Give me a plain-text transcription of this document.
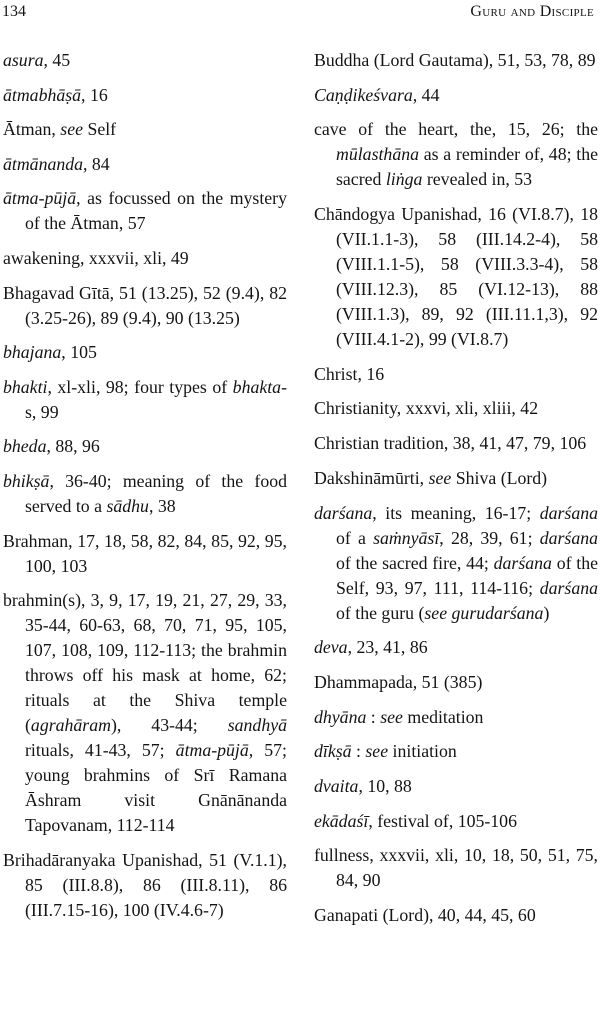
134	Guru and Disciple

asura, 45

ātmabhāṣā, 16

Ātman, see Self

ātmānanda, 84

ātma-pūjā, as focussed on the mystery of the Ātman, 57

awakening, xxxvii, xli, 49

Bhagavad Gītā, 51 (13.25), 52 (9.4), 82 (3.25-26), 89 (9.4), 90 (13.25)

bhajana, 105

bhakti, xl-xli, 98; four types of bhakta-s, 99

bheda, 88, 96

bhikṣā, 36-40; meaning of the food served to a sādhu, 38

Brahman, 17, 18, 58, 82, 84, 85, 92, 95, 100, 103

brahmin(s), 3, 9, 17, 19, 21, 27, 29, 33, 35-44, 60-63, 68, 70, 71, 95, 105, 107, 108, 109, 112-113; the brahmin throws off his mask at home, 62; rituals at the Shiva temple (agrahāram), 43-44; sandhyā rituals, 41-43, 57; ātma-pūjā, 57; young brahmins of Srī Ramana Āshram visit Gnānānanda Tapovanam, 112-114

Brihadāranyaka Upanishad, 51 (V.1.1), 85 (III.8.8), 86 (III.8.11), 86 (III.7.15-16), 100 (IV.4.6-7)

Buddha (Lord Gautama), 51, 53, 78, 89

Caṇḍikeśvara, 44

cave of the heart, the, 15, 26; the mūlasthāna as a reminder of, 48; the sacred liṅga revealed in, 53

Chāndogya Upanishad, 16 (VI.8.7), 18 (VII.1.1-3), 58 (III.14.2-4), 58 (VIII.1.1-5), 58 (VIII.3.3-4), 58 (VIII.12.3), 85 (VI.12-13), 88 (VIII.1.3), 89, 92 (III.11.1,3), 92 (VIII.4.1-2), 99 (VI.8.7)

Christ, 16

Christianity, xxxvi, xli, xliii, 42

Christian tradition, 38, 41, 47, 79, 106

Dakshināmūrti, see Shiva (Lord)

darśana, its meaning, 16-17; darśana of a saṁnyāsī, 28, 39, 61; darśana of the sacred fire, 44; darśana of the Self, 93, 97, 111, 114-116; darśana of the guru (see gurudarśana)

deva, 23, 41, 86

Dhammapada, 51 (385)

dhyāna : see meditation

dīkṣā : see initiation

dvaita, 10, 88

ekādaśī, festival of, 105-106

fullness, xxxvii, xli, 10, 18, 50, 51, 75, 84, 90

Ganapati (Lord), 40, 44, 45, 60
